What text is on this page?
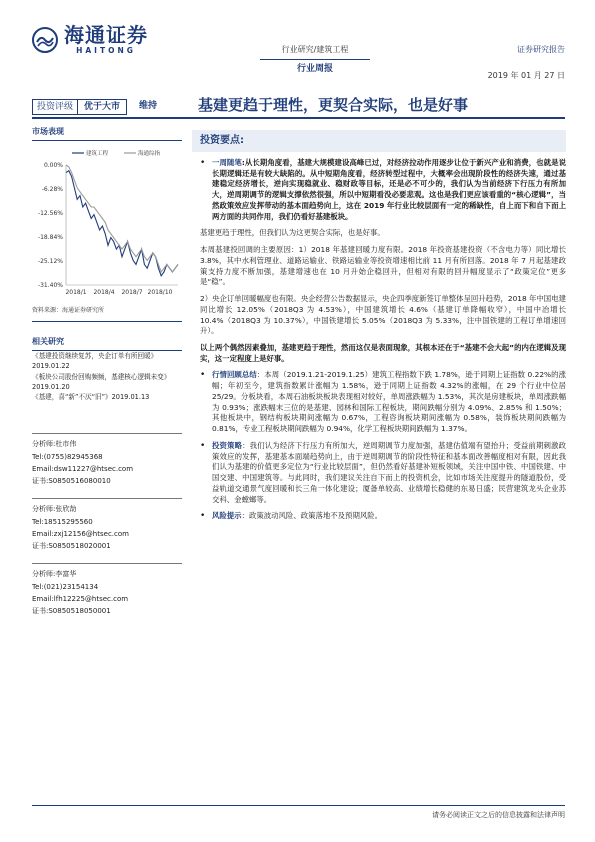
海通证券
HAITONG	行业研究/建筑工程
行业周报
证券研究报告
2019 年 01 月 27 日
投资评级	优于大市	维持	基建更趋于理性，更契合实际，也是好事
市场表现
建筑工程	海通综指
0.00%
-6.28%
-12.56%
-18.84%
-25.12%
-31.40%
2018/1 2018/4 2018/7 2018/10
资料来源：海通证券研究所
相关研究
《基建投资继续复苏，央企订单有所回暖》2019.01.22
《板块公司股份回购频频，基建核心逻辑未变》2019.01.20
《基建，喜“新”不厌“旧”》2019.01.13
分析师:杜市伟
Tel:(0755)82945368
Email:dsw11227@htsec.com
证书:S0850516080010
分析师:张欣劼
Tel:18515295560
Email:zxj12156@htsec.com
证书:S0850518020001
分析师:李富华
Tel:(021)23154134
Email:lfh12225@htsec.com
证书:S0850518050001
投资要点:
• 一周随笔:从长期角度看，基建大规模建设高峰已过，对经济拉动作用逐步让位于新兴产业和消费，也就是说长期逻辑还是有较大缺陷的。从中短期角度看，经济转型过程中，大概率会出现阶段性的经济失速，通过基建稳定经济增长，逆向实现稳就业、稳财政等目标，还是必不可少的，我们认为当前经济下行压力有所加大，逆周期调节的逻辑支撑依然很强，所以中短期看没必要悲观。这也是我们更应该看重的“核心逻辑”，当然政策效应发挥带动的基本面趋势向上，这在 2019 年行业比较层面有一定的稀缺性，自上而下和自下而上两方面的共同作用，我们仍看好基建板块。
基建更趋于理性，但我们认为这更契合实际，也是好事。
本周基建投回调的主要原因：1）2018 年基建回暖力度有限。2018 年投资基建投资（不含电力等）同比增长 3.8%，其中水利管理业、道路运输业、铁路运输业等投资增速相比前 11 月有所回落。2018 年 7 月起基建政策支持力度不断加强，基建增速也在 10 月升始企稳回升，但相对有限的回升幅度显示了“政策定位”更多是“稳”。
2）央企订单回暖幅度也有限。央企经营公告数据显示，央企四季度新签订单整体呈回升趋势，2018 年中国电建同比增长 12.05%（2018Q3 为 4.53%），中国建筑增长 4.6%（基建订单降幅收窄），中国中冶增长 10.4%（2018Q3 为 10.37%），中国铁建增长 5.05%（2018Q3 为 5.33%，注中国铁建的工程订单增速回升）。
以上两个偶然因素叠加，基建更趋于理性，然而这仅是表面现象，其根本还在于“基建不会大起”的内在逻辑及现实，这一定程度上是好事。
• 行情回顾总结：本周（2019.1.21-2019.1.25）建筑工程指数下跌 1.78%，逊于同期上证指数 0.22%的涨幅；年初至今，建筑指数累计涨幅为 1.58%，逊于同期上证指数 4.32%的涨幅，在 29 个行业中位居 25/29。分板块看，本周石油板块板块表现相对较好，单周涨跌幅为 1.53%，其次是房建板块，单周涨跌幅为 0.93%；涨跌幅末三位的是基建、园林和国际工程板块，期间跌幅分别为 4.09%、2.85% 和 1.50%；其他板块中，钢结构板块期间涨幅为 0.67%，工程咨询板块期间涨幅为 0.58%，装饰板块期间跌幅为 0.81%，专业工程板块期间跌幅为 0.94%，化学工程板块期间跌幅为 1.37%。
• 投资策略：我们认为经济下行压力有所加大，逆周期调节力度加强，基建估值端有望抬升；受益前期刺激政策效应的发挥，基建基本面端趋势向上，由于逆周期调节的阶段性特征和基本面改善幅度相对有限，因此我们认为基建的价值更多定位为“行业比较层面”，但仍然看好基建补短板领域，关注中国中铁、中国铁建、中国交建、中国建筑等。与此同时，我们建议关注自下而上的投资机会，比如市场关注度提升的隧道股份，受益轨道交通景气度回暖和长三角一体化建设；厦备单较高、业绩增长稳健的东易日盛；民营建筑龙头企业苏交科、金螳螂等。
• 风险提示：政策波动风险、政策落地不及预期风险。
请务必阅读正文之后的信息披露和法律声明
